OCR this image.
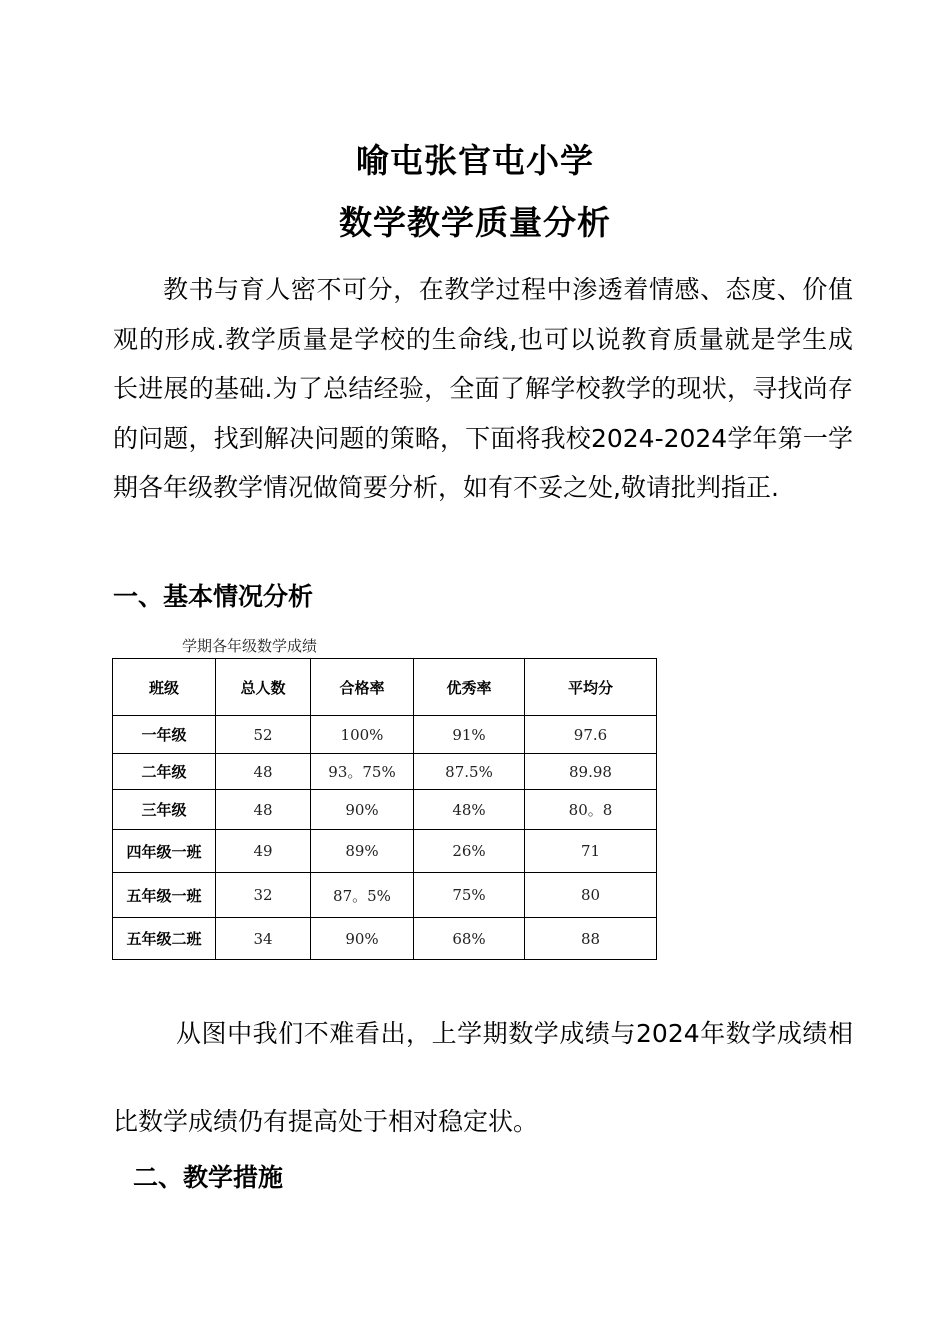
喻屯张官屯小学
数学教学质量分析

教书与育人密不可分，在教学过程中渗透着情感、态度、价值观的形成.教学质量是学校的生命线,也可以说教育质量就是学生成长进展的基础.为了总结经验，全面了解学校教学的现状，寻找尚存的问题，找到解决问题的策略，下面将我校2024-2024学年第一学期各年级教学情况做简要分析，如有不妥之处,敬请批判指正.

一、基本情况分析
学期各年级数学成绩
班级	总人数	合格率	优秀率	平均分
一年级	52	100%	91%	97.6
二年级	48	93。75%	87.5%	89.98
三年级	48	90%	48%	80。8
四年级一班	49	89%	26%	71
五年级一班	32	87。5%	75%	80
五年级二班	34	90%	68%	88

从图中我们不难看出，上学期数学成绩与2024年数学成绩相比数学成绩仍有提高处于相对稳定状。

二、教学措施
